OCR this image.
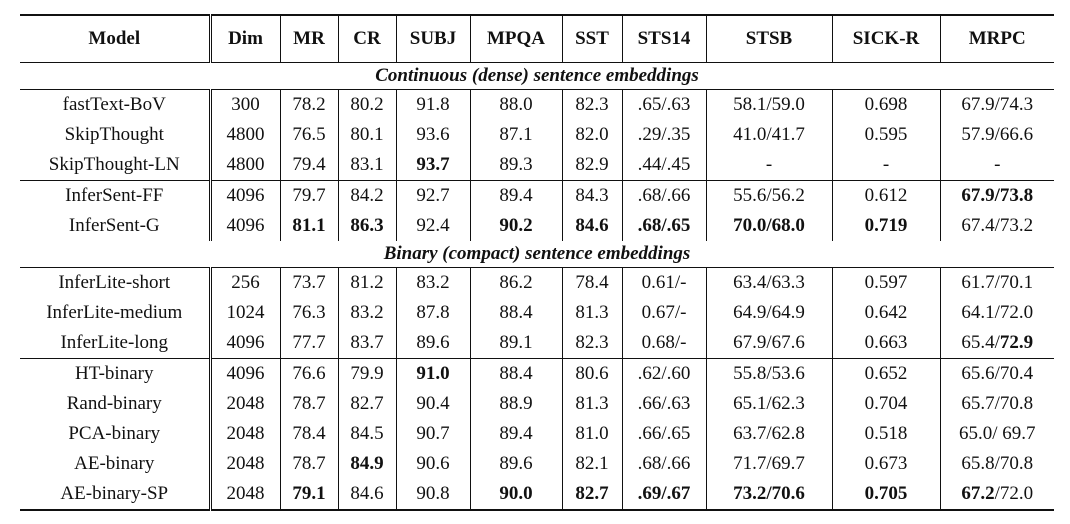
Model	Dim	MR	CR	SUBJ	MPQA	SST	STS14	STSB	SICK-R	MRPC
Continuous (dense) sentence embeddings										
fastText-BoV	300	78.2	80.2	91.8	88.0	82.3	.65/.63	58.1/59.0	0.698	67.9/74.3
SkipThought	4800	76.5	80.1	93.6	87.1	82.0	.29/.35	41.0/41.7	0.595	57.9/66.6
SkipThought-LN	4800	79.4	83.1	93.7	89.3	82.9	.44/.45	-	-	-
InferSent-FF	4096	79.7	84.2	92.7	89.4	84.3	.68/.66	55.6/56.2	0.612	67.9/73.8
InferSent-G	4096	81.1	86.3	92.4	90.2	84.6	.68/.65	70.0/68.0	0.719	67.4/73.2
Binary (compact) sentence embeddings										
InferLite-short	256	73.7	81.2	83.2	86.2	78.4	0.61/-	63.4/63.3	0.597	61.7/70.1
InferLite-medium	1024	76.3	83.2	87.8	88.4	81.3	0.67/-	64.9/64.9	0.642	64.1/72.0
InferLite-long	4096	77.7	83.7	89.6	89.1	82.3	0.68/-	67.9/67.6	0.663	65.4/72.9
HT-binary	4096	76.6	79.9	91.0	88.4	80.6	.62/.60	55.8/53.6	0.652	65.6/70.4
Rand-binary	2048	78.7	82.7	90.4	88.9	81.3	.66/.63	65.1/62.3	0.704	65.7/70.8
PCA-binary	2048	78.4	84.5	90.7	89.4	81.0	.66/.65	63.7/62.8	0.518	65.0/ 69.7
AE-binary	2048	78.7	84.9	90.6	89.6	82.1	.68/.66	71.7/69.7	0.673	65.8/70.8
AE-binary-SP	2048	79.1	84.6	90.8	90.0	82.7	.69/.67	73.2/70.6	0.705	67.2/72.0
